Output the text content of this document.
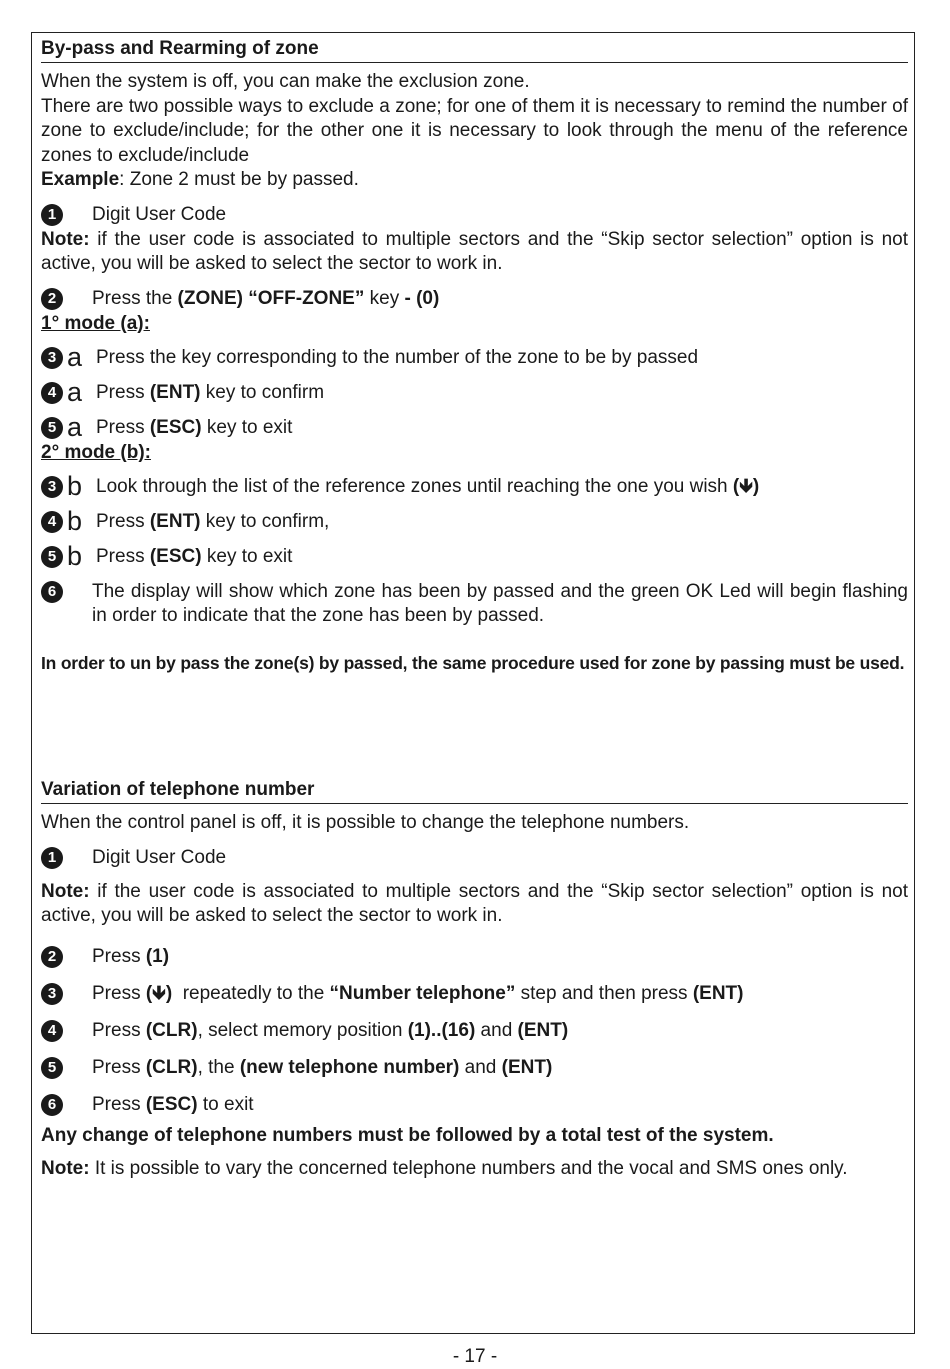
By-pass and Rearming of zone

When the system is off, you can make the exclusion zone.

There are two possible ways to exclude a zone; for one of them it is necessary to remind the number of zone to exclude/include; for the other one it is necessary to look through the menu of the reference zones to exclude/include

Example: Zone 2 must be by passed.

1	Digit User Code

Note: if the user code is associated to multiple sectors and the “Skip sector selection” option is not active, you will be asked to select the sector to work in.

2	Press the (ZONE) “OFF-ZONE” key - (0)

1° mode (a):
3 a Press the key corresponding to the number of the zone to be by passed

4 a Press (ENT) key to confirm

5 a Press (ESC) key to exit

2° mode (b):
3 b Look through the list of the reference zones until reaching the one you wish (🡻)

4 b Press (ENT) key to confirm,

5 b Press (ESC) key to exit

6	The display will show which zone has been by passed and the green OK Led will begin flashing in order to indicate that the zone has been by passed.

In order to un by pass the zone(s) by passed, the same procedure used for zone by passing must be used.

Variation of telephone number

When the control panel is off, it is possible to change the telephone numbers.

1	Digit User Code

Note: if the user code is associated to multiple sectors and the “Skip sector selection” option is not active, you will be asked to select the sector to work in.

2	Press (1)

3	Press (🡻)  repeatedly to the “Number telephone” step and then press (ENT)

4	Press (CLR), select memory position (1)..(16) and (ENT)

5	Press (CLR), the (new telephone number) and (ENT)

6	Press (ESC) to exit

Any change of telephone numbers must be followed by a total test of the system.

Note: It is possible to vary the concerned telephone numbers and the vocal and SMS ones only.

- 17 -
